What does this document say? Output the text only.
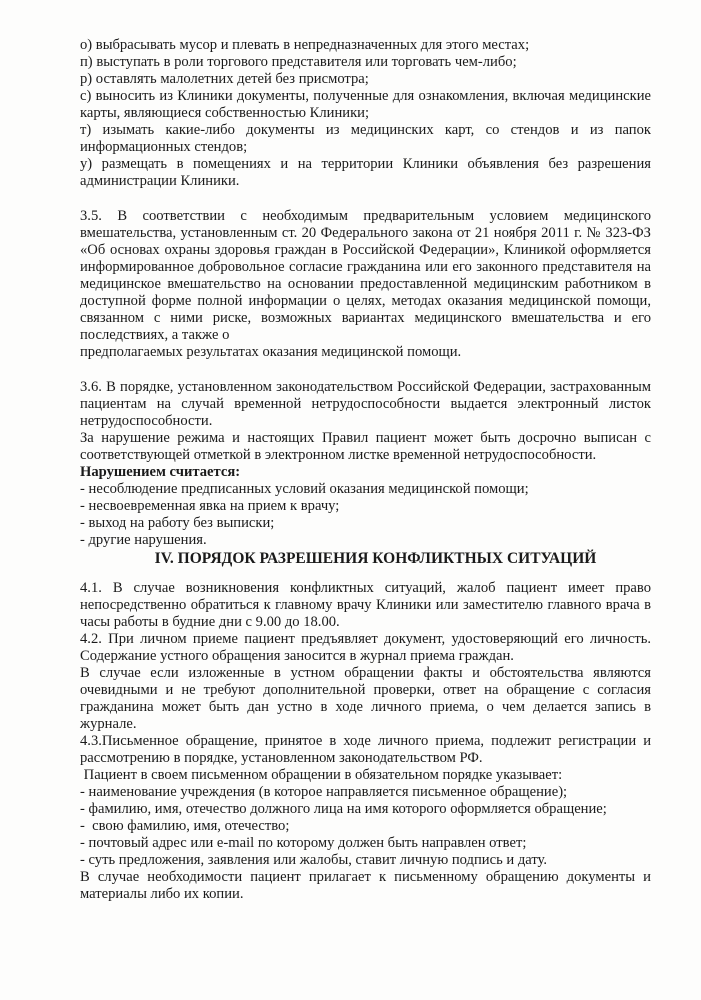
о) выбрасывать мусор и плевать в непредназначенных для этого местах;

п) выступать в роли торгового представителя или торговать чем-либо;

р) оставлять малолетних детей без присмотра;

с) выносить из Клиники документы, полученные для ознакомления, включая медицинские карты, являющиеся собственностью Клиники;

т) изымать какие-либо документы из медицинских карт, со стендов и из папок информационных стендов;

у) размещать в помещениях и на территории Клиники объявления без разрешения администрации Клиники.

3.5. В соответствии с необходимым предварительным условием медицинского вмешательства, установленным ст. 20 Федерального закона от 21 ноября 2011 г. № 323-ФЗ «Об основах охраны здоровья граждан в Российской Федерации», Клиникой оформляется информированное добровольное согласие гражданина или его законного представителя на медицинское вмешательство на основании предоставленной медицинским работником в доступной форме полной информации о целях, методах оказания медицинской помощи, связанном с ними риске, возможных вариантах медицинского вмешательства и его последствиях, а также о

предполагаемых результатах оказания медицинской помощи.

3.6. В порядке, установленном законодательством Российской Федерации, застрахованным пациентам на случай временной нетрудоспособности выдается электронный листок нетрудоспособности.

За нарушение режима и настоящих Правил пациент может быть досрочно выписан с соответствующей отметкой в электронном листке временной нетрудоспособности.

Нарушением считается:

- несоблюдение предписанных условий оказания медицинской помощи;

- несвоевременная явка на прием к врачу;

- выход на работу без выписки;

- другие нарушения.

IV. ПОРЯДОК РАЗРЕШЕНИЯ КОНФЛИКТНЫХ СИТУАЦИЙ

4.1. В случае возникновения конфликтных ситуаций, жалоб пациент имеет право непосредственно обратиться к главному врачу Клиники или заместителю главного врача в часы работы в будние дни с 9.00 до 18.00.

4.2. При личном приеме пациент предъявляет документ, удостоверяющий его личность. Содержание устного обращения заносится в журнал приема граждан.

В случае если изложенные в устном обращении факты и обстоятельства являются очевидными и не требуют дополнительной проверки, ответ на обращение с согласия гражданина может быть дан устно в ходе личного приема, о чем делается запись в журнале.

4.3.Письменное обращение, принятое в ходе личного приема, подлежит регистрации и рассмотрению в порядке, установленном законодательством РФ.

Пациент в своем письменном обращении в обязательном порядке указывает:

- наименование учреждения (в которое направляется письменное обращение);

- фамилию, имя, отечество должного лица на имя которого оформляется обращение;

-  свою фамилию, имя, отечество;

- почтовый адрес или e-mail по которому должен быть направлен ответ;

- суть предложения, заявления или жалобы, ставит личную подпись и дату.

В случае необходимости пациент прилагает к письменному обращению документы и материалы либо их копии.
